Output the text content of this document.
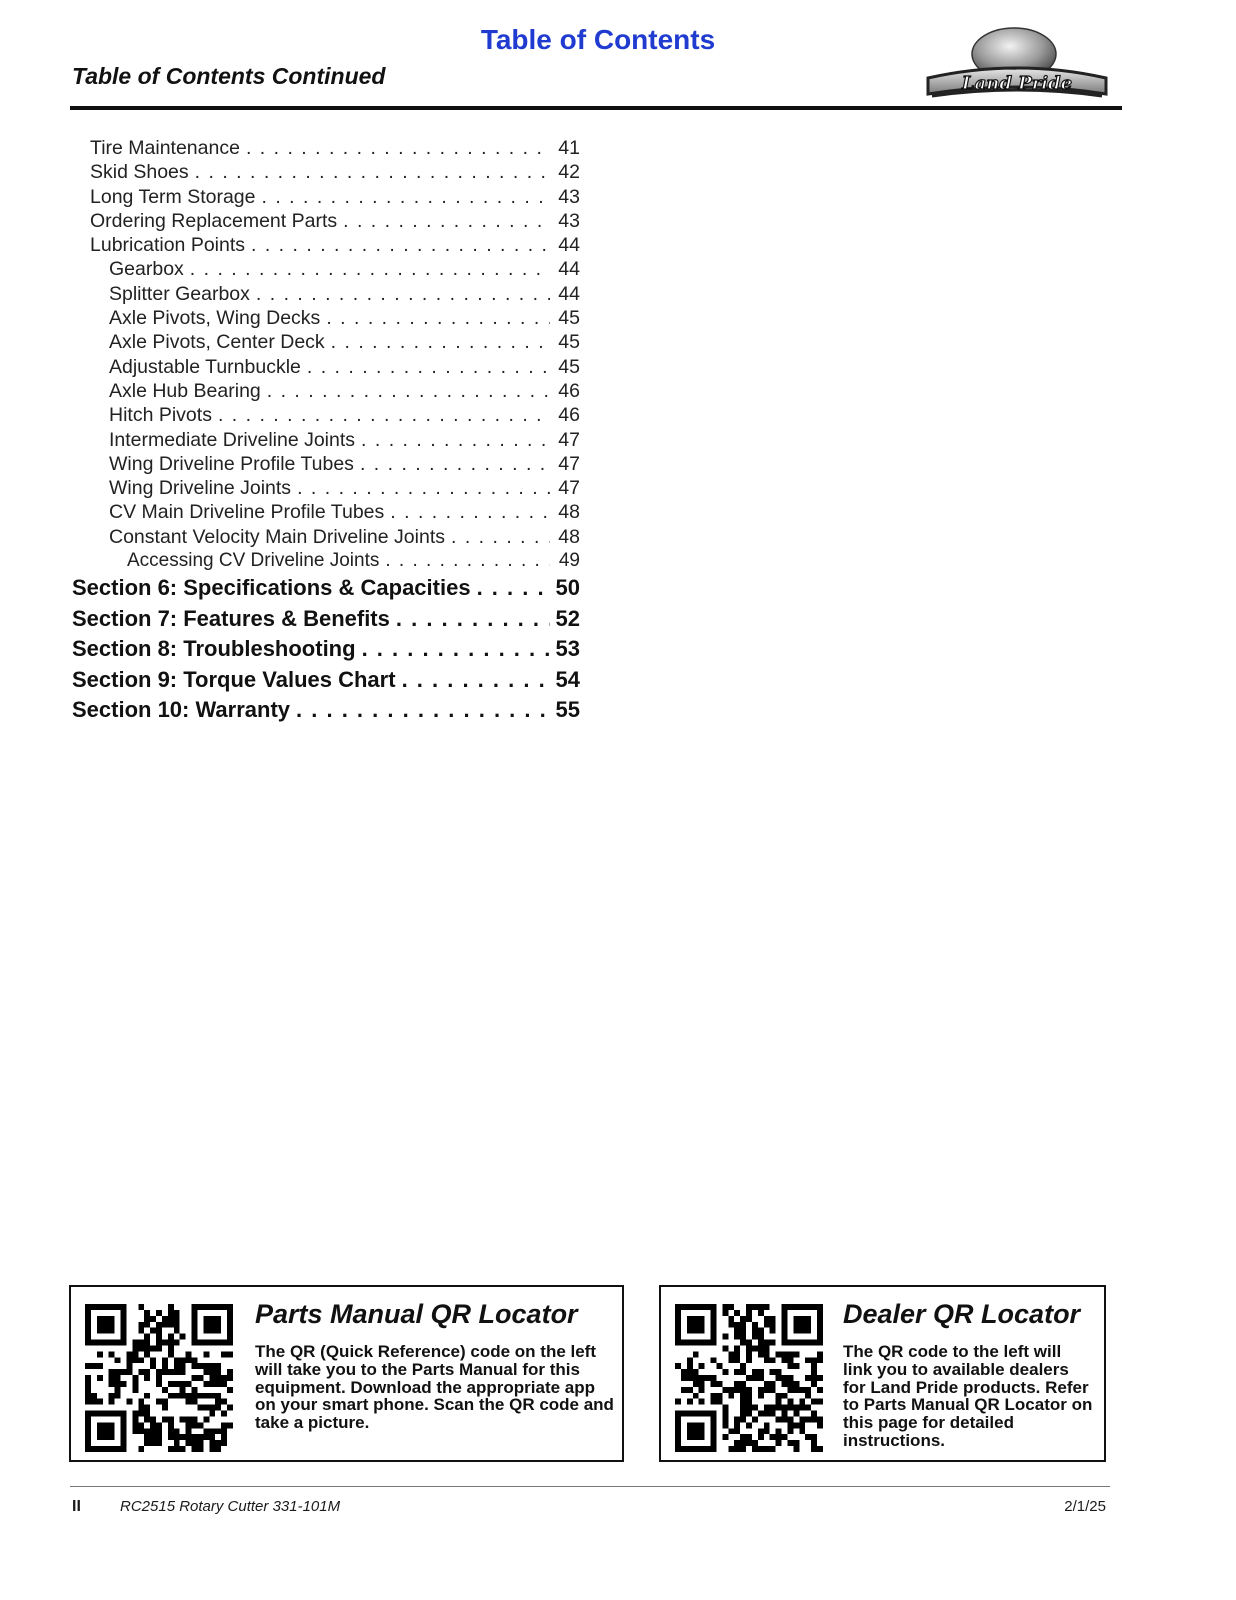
Table of Contents
Table of Contents Continued	Land Pride
Tire Maintenance . . .	41
Skid Shoes . . .	42
Long Term Storage . . .	43
Ordering Replacement Parts . . .	43
Lubrication Points . . .	44
Gearbox . . .	44
Splitter Gearbox . . .	44
Axle Pivots, Wing Decks . . .	45
Axle Pivots, Center Deck . . .	45
Adjustable Turnbuckle . . .	45
Axle Hub Bearing . . .	46
Hitch Pivots . . .	46
Intermediate Driveline Joints . . .	47
Wing Driveline Profile Tubes . . .	47
Wing Driveline Joints . . .	47
CV Main Driveline Profile Tubes . . .	48
Constant Velocity Main Driveline Joints . . .	48
Accessing CV Driveline Joints . . .	49
Section 6: Specifications & Capacities . . .	50
Section 7: Features & Benefits . . .	52
Section 8: Troubleshooting . . .	53
Section 9: Torque Values Chart . . .	54
Section 10: Warranty . . .	55
Parts Manual QR Locator
The QR (Quick Reference) code on the left will take you to the Parts Manual for this equipment. Download the appropriate app on your smart phone. Scan the QR code and take a picture.
Dealer QR Locator
The QR code to the left will link you to available dealers for Land Pride products. Refer to Parts Manual QR Locator on this page for detailed instructions.
II	RC2515 Rotary Cutter 331-101M	2/1/25
